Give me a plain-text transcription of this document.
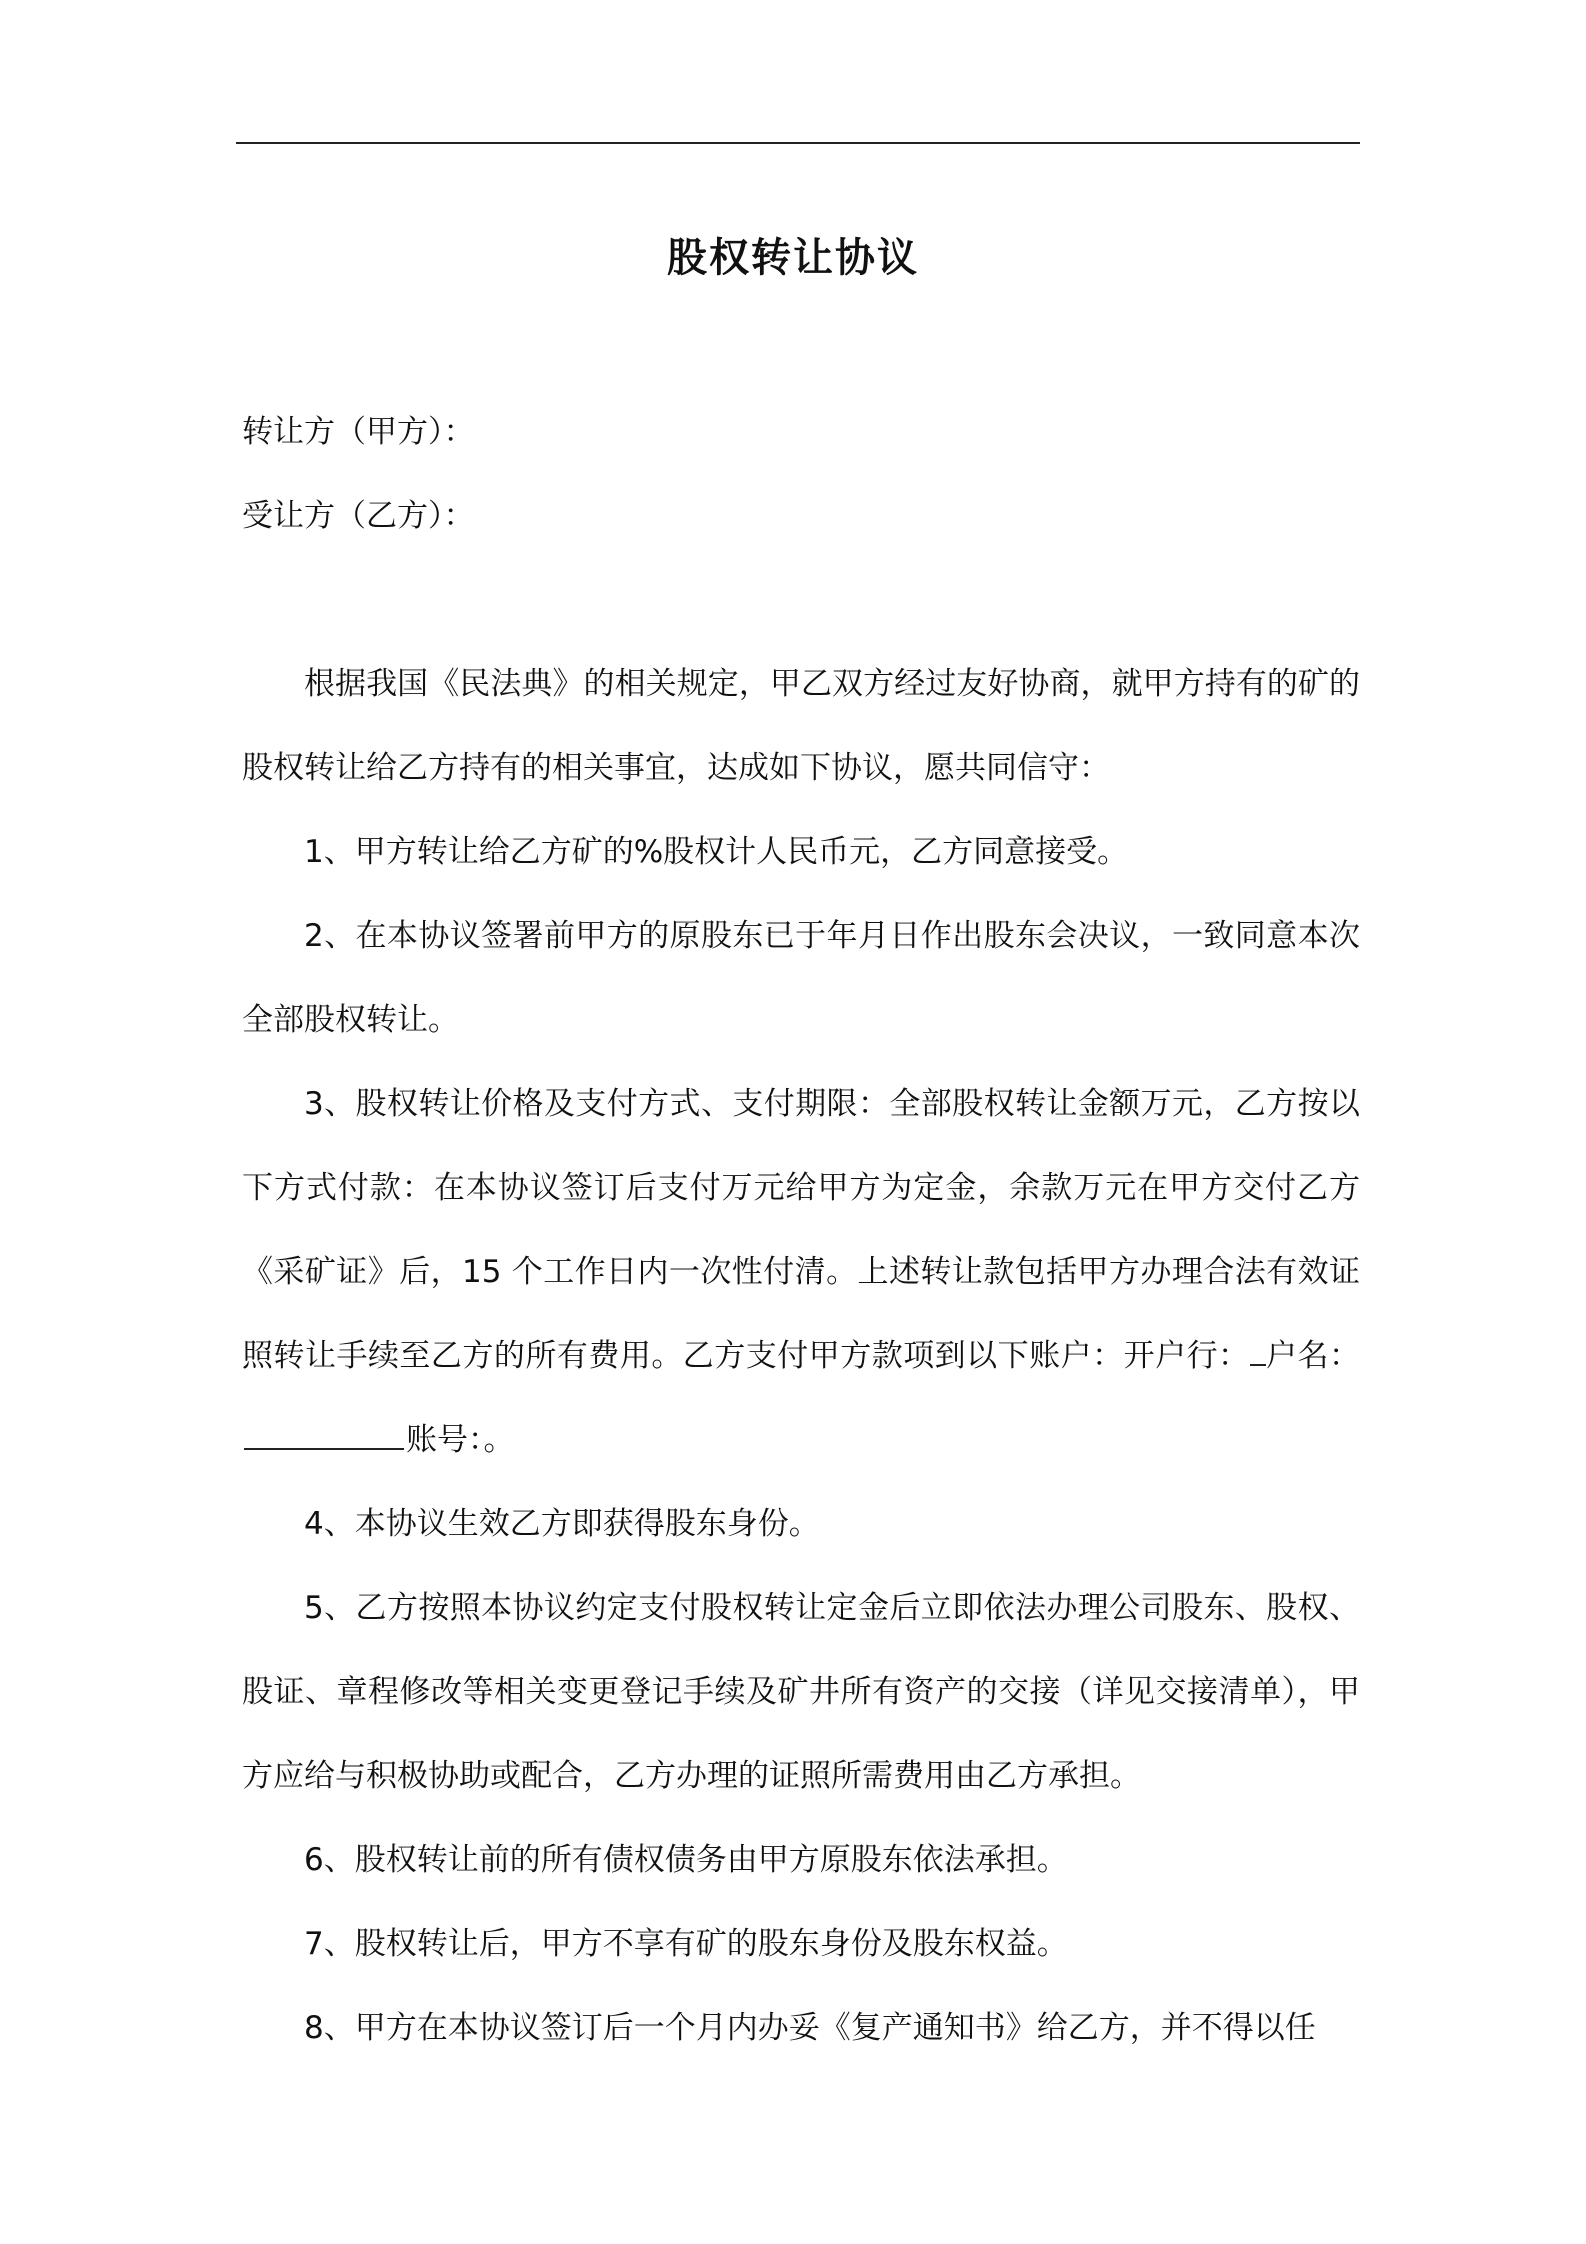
股权转让协议

转让方（甲方）：

受让方（乙方）：

根据我国《民法典》的相关规定，甲乙双方经过友好协商，就甲方持有的矿的股权转让给乙方持有的相关事宜，达成如下协议，愿共同信守：

1、甲方转让给乙方矿的%股权计人民币元，乙方同意接受。

2、在本协议签署前甲方的原股东已于年月日作出股东会决议，一致同意本次全部股权转让。

3、股权转让价格及支付方式、支付期限：全部股权转让金额万元，乙方按以下方式付款：在本协议签订后支付万元给甲方为定金，余款万元在甲方交付乙方《采矿证》后，15 个工作日内一次性付清。上述转让款包括甲方办理合法有效证照转让手续至乙方的所有费用。乙方支付甲方款项到以下账户：开户行： 户名：账号：。

4、本协议生效乙方即获得股东身份。

5、乙方按照本协议约定支付股权转让定金后立即依法办理公司股东、股权、股证、章程修改等相关变更登记手续及矿井所有资产的交接（详见交接清单），甲方应给与积极协助或配合，乙方办理的证照所需费用由乙方承担。

6、股权转让前的所有债权债务由甲方原股东依法承担。

7、股权转让后，甲方不享有矿的股东身份及股东权益。

8、甲方在本协议签订后一个月内办妥《复产通知书》给乙方，并不得以任
